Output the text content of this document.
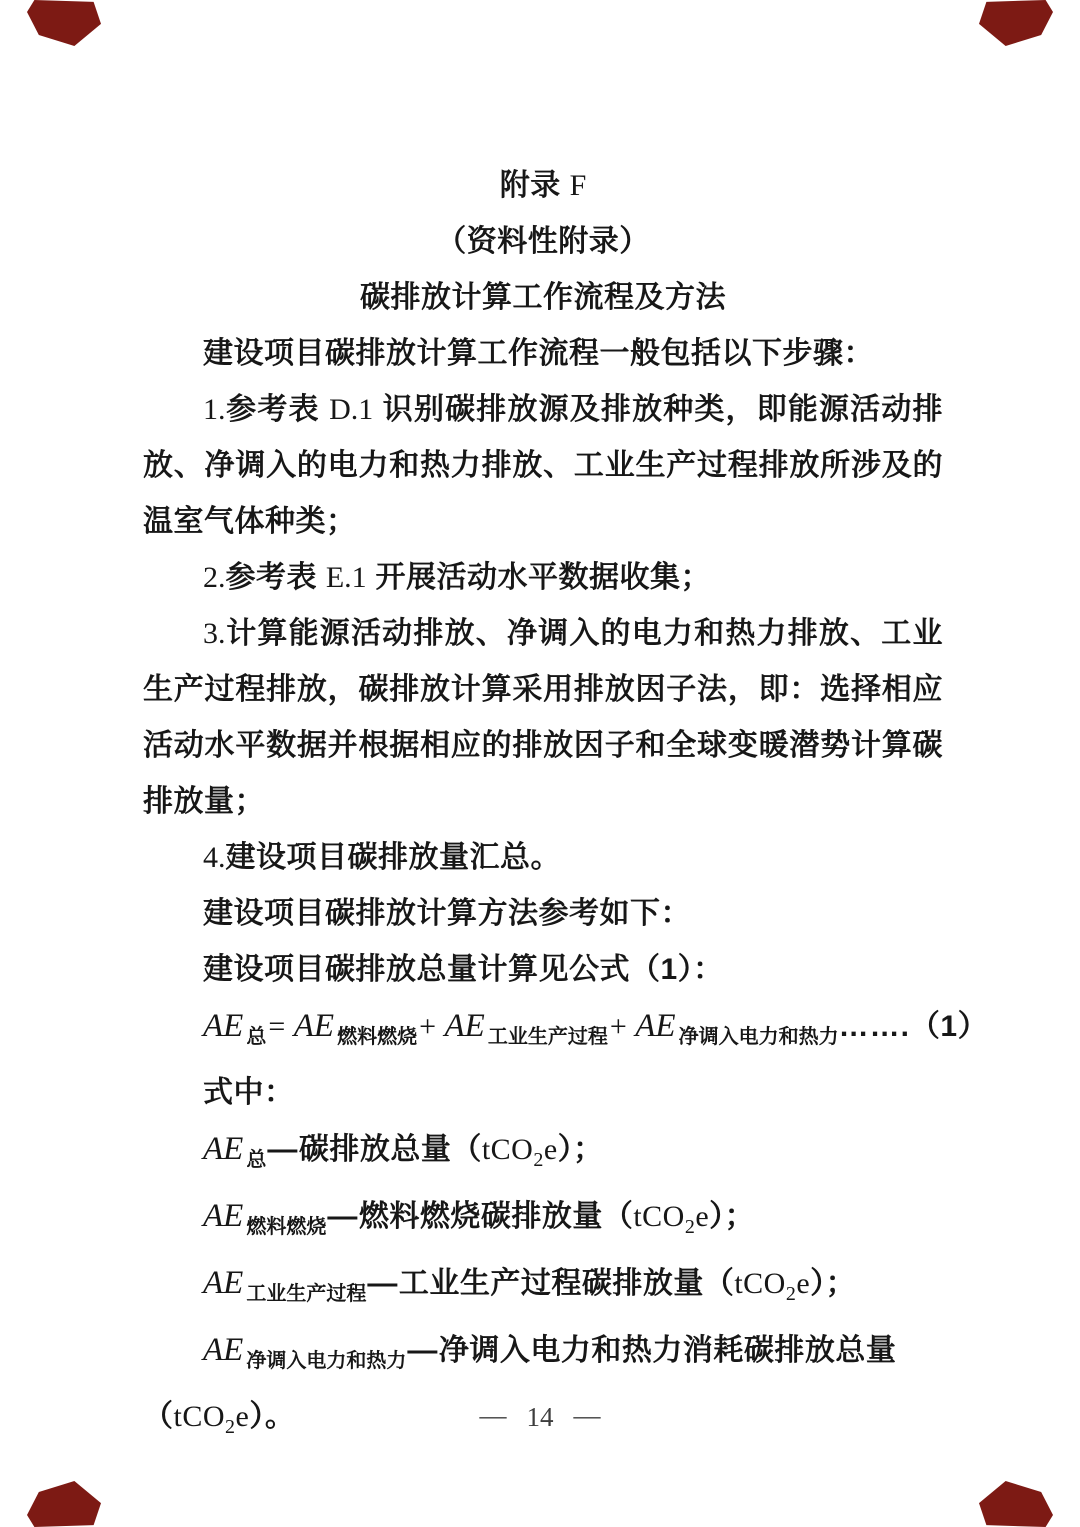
附录 F
（资料性附录）
碳排放计算工作流程及方法

建设项目碳排放计算工作流程一般包括以下步骤：

1.参考表 D.1 识别碳排放源及排放种类，即能源活动排放、净调入的电力和热力排放、工业生产过程排放所涉及的温室气体种类；

2.参考表 E.1 开展活动水平数据收集；

3.计算能源活动排放、净调入的电力和热力排放、工业生产过程排放，碳排放计算采用排放因子法，即：选择相应活动水平数据并根据相应的排放因子和全球变暖潜势计算碳排放量；

4.建设项目碳排放量汇总。

建设项目碳排放计算方法参考如下：

建设项目碳排放总量计算见公式（1）：

AE $_总$= AE $_{燃料燃烧}$+ AE $_{工业生产过程}$+ AE $_{净调入电力和热力}$…….（1）
式中：
AE $_总$—碳排放总量（tCO$_2$e）；
AE $_{燃料燃烧}$—燃料燃烧碳排放量（tCO$_2$e）；
AE $_{工业生产过程}$—工业生产过程碳排放量（tCO$_2$e）；
AE $_{净调入电力和热力}$—净调入电力和热力消耗碳排放总量
（tCO$_2$e）。	— 14 —
